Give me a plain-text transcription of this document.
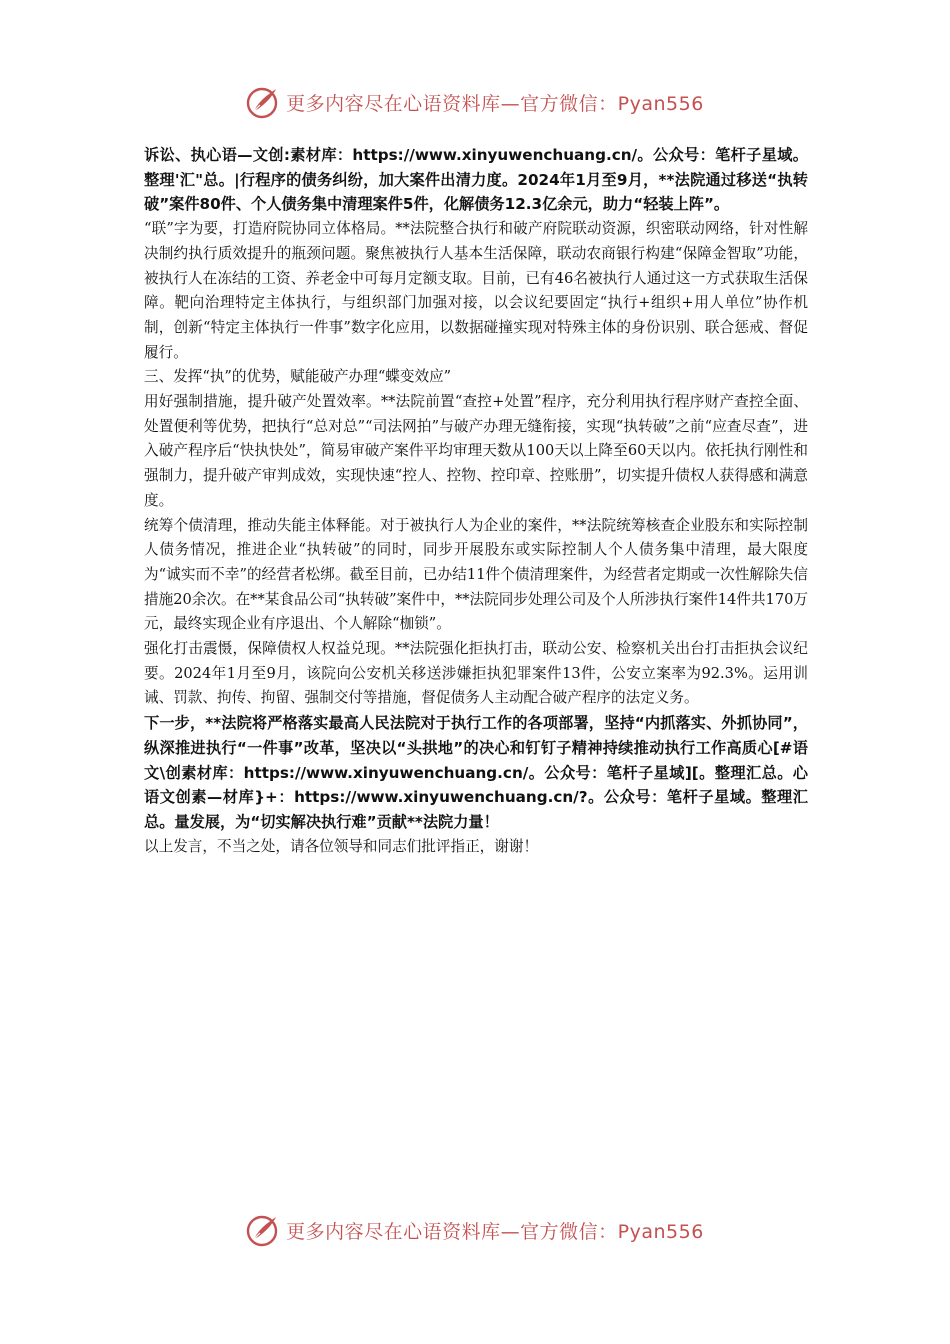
更多内容尽在心语资料库—官方微信：Pyan556

诉讼、执心语—文创:素材库：https://www.xinyuwenchuang.cn/。公众号：笔杆子星域。整理'汇"总。|行程序的债务纠纷，加大案件出清力度。2024年1月至9月，**法院通过移送“执转破”案件80件、个人债务集中清理案件5件，化解债务12.3亿余元，助力“轻装上阵”。

“联”字为要，打造府院协同立体格局。**法院整合执行和破产府院联动资源，织密联动网络，针对性解决制约执行质效提升的瓶颈问题。聚焦被执行人基本生活保障，联动农商银行构建“保障金智取”功能，被执行人在冻结的工资、养老金中可每月定额支取。目前，已有46名被执行人通过这一方式获取生活保障。靶向治理特定主体执行，与组织部门加强对接，以会议纪要固定“执行+组织+用人单位”协作机制，创新“特定主体执行一件事”数字化应用，以数据碰撞实现对特殊主体的身份识别、联合惩戒、督促履行。

三、发挥“执”的优势，赋能破产办理“蝶变效应”

用好强制措施，提升破产处置效率。**法院前置“查控+处置”程序，充分利用执行程序财产查控全面、处置便利等优势，把执行“总对总”“司法网拍”与破产办理无缝衔接，实现“执转破”之前“应查尽查”，进入破产程序后“快执快处”，简易审破产案件平均审理天数从100天以上降至60天以内。依托执行刚性和强制力，提升破产审判成效，实现快速“控人、控物、控印章、控账册”，切实提升债权人获得感和满意度。

统筹个债清理，推动失能主体释能。对于被执行人为企业的案件，**法院统筹核查企业股东和实际控制人债务情况，推进企业“执转破”的同时，同步开展股东或实际控制人个人债务集中清理，最大限度为“诚实而不幸”的经营者松绑。截至目前，已办结11件个债清理案件，为经营者定期或一次性解除失信措施20余次。在**某食品公司“执转破”案件中，**法院同步处理公司及个人所涉执行案件14件共170万元，最终实现企业有序退出、个人解除“枷锁”。

强化打击震慑，保障债权人权益兑现。**法院强化拒执打击，联动公安、检察机关出台打击拒执会议纪要。2024年1月至9月，该院向公安机关移送涉嫌拒执犯罪案件13件，公安立案率为92.3%。运用训诫、罚款、拘传、拘留、强制交付等措施，督促债务人主动配合破产程序的法定义务。

下一步，**法院将严格落实最高人民法院对于执行工作的各项部署，坚持“内抓落实、外抓协同”，纵深推进执行“一件事”改革，坚决以“头拱地”的决心和钉钉子精神持续推动执行工作高质心[#语文\创素材库：https://www.xinyuwenchuang.cn/。公众号：笔杆子星域][。整理汇总。心语文创素—材库}+：https://www.xinyuwenchuang.cn/?。公众号：笔杆子星域。整理汇总。量发展，为“切实解决执行难”贡献**法院力量！

以上发言，不当之处，请各位领导和同志们批评指正，谢谢！

更多内容尽在心语资料库—官方微信：Pyan556
